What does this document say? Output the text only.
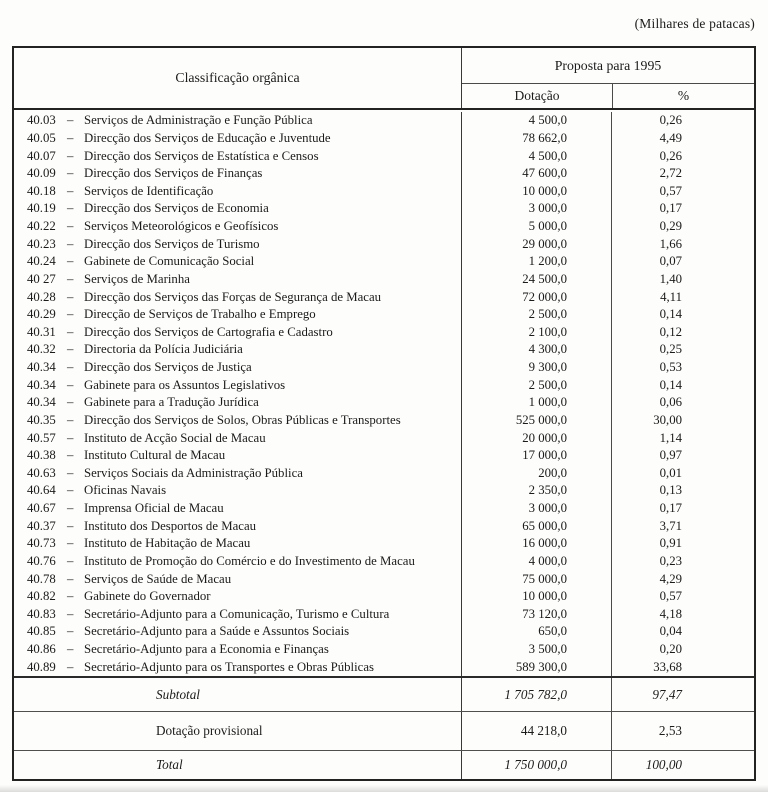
(Milhares de patacas)
Classificação orgânica
Proposta para 1995
Dotação	%
40.03 – Serviços de Administração e Função Pública	4 500,0	0,26
40.05 – Direcção dos Serviços de Educação e Juventude	78 662,0	4,49
40.07 – Direcção dos Serviços de Estatística e Censos	4 500,0	0,26
40.09 – Direcção dos Serviços de Finanças	47 600,0	2,72
40.18 – Serviços de Identificação	10 000,0	0,57
40.19 – Direcção dos Serviços de Economia	3 000,0	0,17
40.22 – Serviços Meteorológicos e Geofísicos	5 000,0	0,29
40.23 – Direcção dos Serviços de Turismo	29 000,0	1,66
40.24 – Gabinete de Comunicação Social	1 200,0	0,07
40 27 – Serviços de Marinha	24 500,0	1,40
40.28 – Direcção dos Serviços das Forças de Segurança de Macau	72 000,0	4,11
40.29 – Direcção de Serviços de Trabalho e Emprego	2 500,0	0,14
40.31 – Direcção dos Serviços de Cartografia e Cadastro	2 100,0	0,12
40.32 – Directoria da Polícia Judiciária	4 300,0	0,25
40.34 – Direcção dos Serviços de Justiça	9 300,0	0,53
40.34 – Gabinete para os Assuntos Legislativos	2 500,0	0,14
40.34 – Gabinete para a Tradução Jurídica	1 000,0	0,06
40.35 – Direcção dos Serviços de Solos, Obras Públicas e Transportes	525 000,0	30,00
40.57 – Instituto de Acção Social de Macau	20 000,0	1,14
40.38 – Instituto Cultural de Macau	17 000,0	0,97
40.63 – Serviços Sociais da Administração Pública	200,0	0,01
40.64 – Oficinas Navais	2 350,0	0,13
40.67 – Imprensa Oficial de Macau	3 000,0	0,17
40.37 – Instituto dos Desportos de Macau	65 000,0	3,71
40.73 – Instituto de Habitação de Macau	16 000,0	0,91
40.76 – Instituto de Promoção do Comércio e do Investimento de Macau	4 000,0	0,23
40.78 – Serviços de Saúde de Macau	75 000,0	4,29
40.82 – Gabinete do Governador	10 000,0	0,57
40.83 – Secretário-Adjunto para a Comunicação, Turismo e Cultura	73 120,0	4,18
40.85 – Secretário-Adjunto para a Saúde e Assuntos Sociais	650,0	0,04
40.86 – Secretário-Adjunto para a Economia e Finanças	3 500,0	0,20
40.89 – Secretário-Adjunto para os Transportes e Obras Públicas	589 300,0	33,68
Subtotal	1 705 782,0	97,47
Dotação provisional	44 218,0	2,53
Total	1 750 000,0	100,00
